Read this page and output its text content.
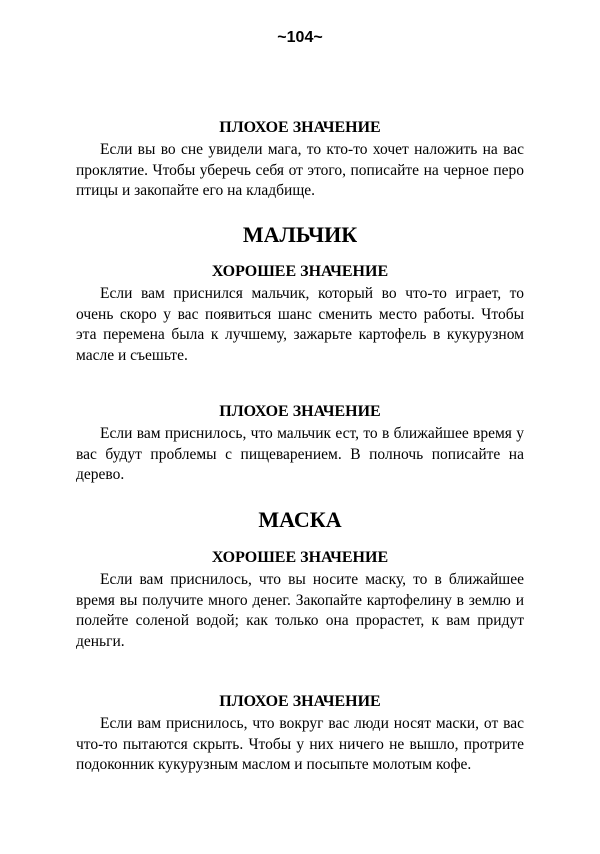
~104~

ПЛОХОЕ ЗНАЧЕНИЕ

Если вы во сне увидели мага, то кто-то хочет наложить на вас проклятие. Чтобы уберечь себя от этого, пописайте на черное перо птицы и закопайте его на кладбище.

МАЛЬЧИК

ХОРОШЕЕ ЗНАЧЕНИЕ

Если вам приснился мальчик, который во что-то играет, то очень скоро у вас появиться шанс сменить место работы. Чтобы эта перемена была к лучшему, зажарьте картофель в кукурузном масле и съешьте.

ПЛОХОЕ ЗНАЧЕНИЕ

Если вам приснилось, что мальчик ест, то в ближайшее время у вас будут проблемы с пищеварением. В полночь пописайте на дерево.

МАСКА

ХОРОШЕЕ ЗНАЧЕНИЕ

Если вам приснилось, что вы носите маску, то в ближайшее время вы получите много денег. Закопайте картофелину в землю и полейте соленой водой; как только она прорастет, к вам придут деньги.

ПЛОХОЕ ЗНАЧЕНИЕ

Если вам приснилось, что вокруг вас люди носят маски, от вас что-то пытаются скрыть. Чтобы у них ничего не вышло, протрите подоконник кукурузным маслом и посыпьте молотым кофе.
